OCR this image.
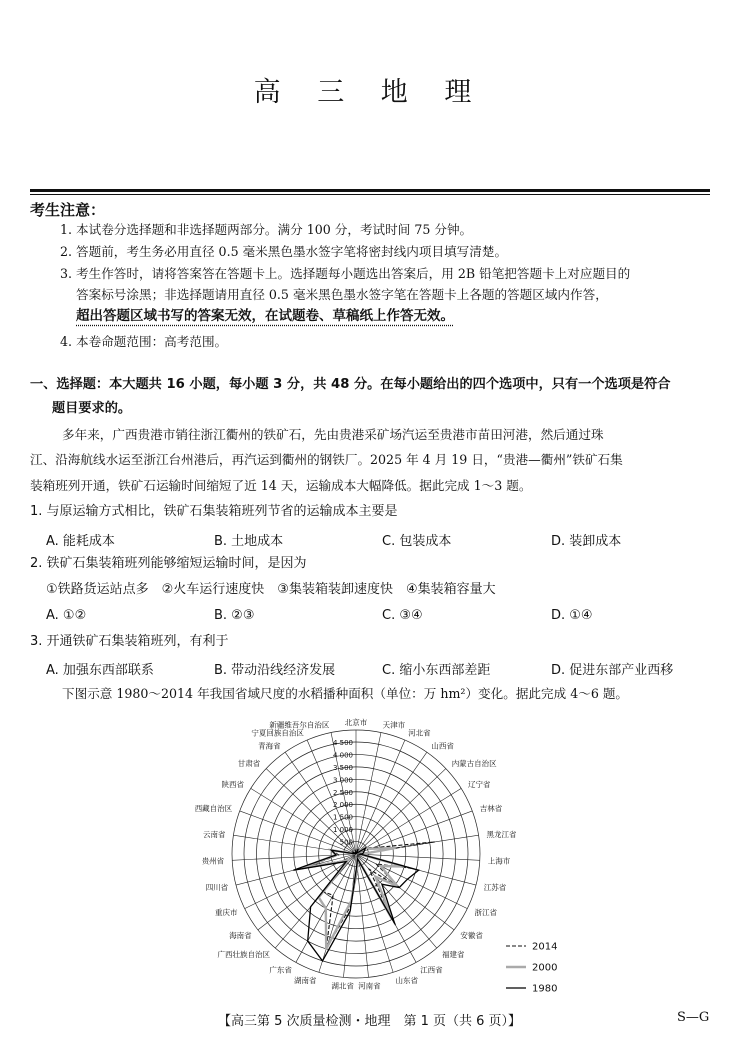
高 三 地 理
考生注意：
1. 本试卷分选择题和非选择题两部分。满分 100 分，考试时间 75 分钟。
2. 答题前，考生务必用直径 0.5 毫米黑色墨水签字笔将密封线内项目填写清楚。
3. 考生作答时，请将答案答在答题卡上。选择题每小题选出答案后，用 2B 铅笔把答题卡上对应题目的
答案标号涂黑；非选择题请用直径 0.5 毫米黑色墨水签字笔在答题卡上各题的答题区域内作答，
超出答题区域书写的答案无效，在试题卷、草稿纸上作答无效。
4. 本卷命题范围：高考范围。
一、选择题：本大题共 16 小题，每小题 3 分，共 48 分。在每小题给出的四个选项中，只有一个选项是符合
题目要求的。
多年来，广西贵港市销往浙江衢州的铁矿石，先由贵港采矿场汽运至贵港市苗田河港，然后通过珠
江、沿海航线水运至浙江台州港后，再汽运到衢州的钢铁厂。2025 年 4 月 19 日，“贵港—衢州”铁矿石集
装箱班列开通，铁矿石运输时间缩短了近 14 天，运输成本大幅降低。据此完成 1～3 题。
1. 与原运输方式相比，铁矿石集装箱班列节省的运输成本主要是
A. 能耗成本	B. 土地成本	C. 包装成本	D. 装卸成本
2. 铁矿石集装箱班列能够缩短运输时间，是因为
①铁路货运站点多　②火车运行速度快　③集装箱装卸速度快　④集装箱容量大
A. ①②	B. ②③	C. ③④	D. ①④
3. 开通铁矿石集装箱班列，有利于
A. 加强东西部联系	B. 带动沿线经济发展	C. 缩小东西部差距	D. 促进东部产业西移
下图示意 1980～2014 年我国省域尺度的水稻播种面积（单位：万 hm²）变化。据此完成 4～6 题。
500
1 000
1 500
2 000
2 500
3 000
3 500
4 000
4 500
北京市 天津市
河北省
山西省
内蒙古自治区
辽宁省
吉林省
黑龙江省
上海市
江苏省
浙江省
安徽省
福建省
江西省
山东省
河南省
湖北省
湖南省
广东省
广西壮族自治区
海南省
重庆市
四川省
贵州省
云南省
西藏自治区
陕西省
甘肃省
青海省
宁夏回族自治区
新疆维吾尔自治区
2014
2000
1980
【高三第 5 次质量检测・地理　第 1 页（共 6 页）】	S—G
